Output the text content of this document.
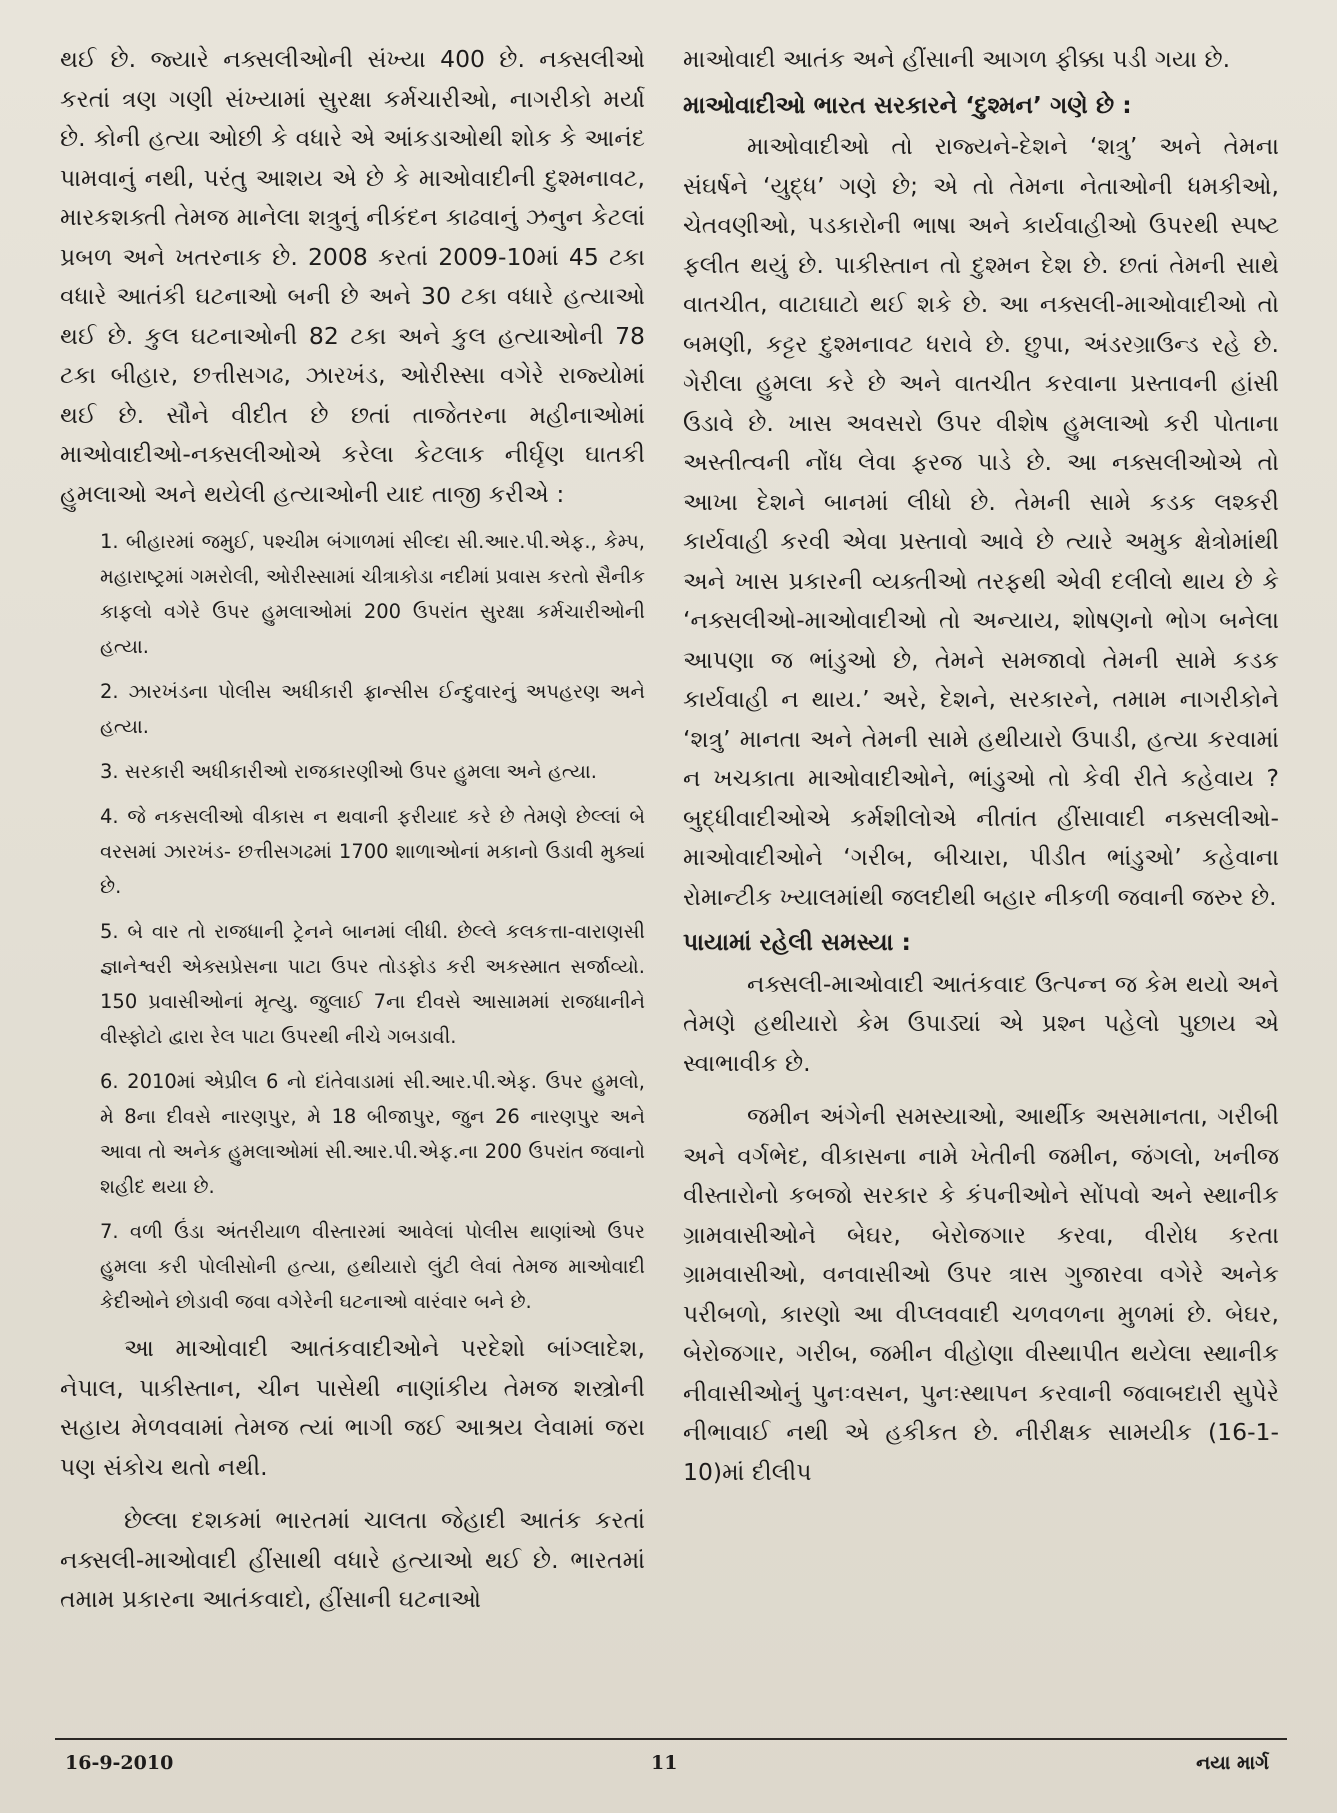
થઈ છે. જ્યારે નક્સલીઓની સંખ્યા 400 છે. નક્સલીઓ કરતાં ત્રણ ગણી સંખ્યામાં સુરક્ષા કર્મચારીઓ, નાગરીકો મર્યા છે. કોની હત્યા ઓછી કે વધારે એ આંકડાઓથી શોક કે આનંદ પામવાનું નથી, પરંતુ આશય એ છે કે માઓવાદીની દુશ્મનાવટ, મારકશક્તી તેમજ માનેલા શત્રુનું નીકંદન કાઢવાનું ઝનુન કેટલાં પ્રબળ અને ખતરનાક છે. 2008 કરતાં 2009-10માં 45 ટકા વધારે આતંકી ઘટનાઓ બની છે અને 30 ટકા વધારે હત્યાઓ થઈ છે. કુલ ઘટનાઓની 82 ટકા અને કુલ હત્યાઓની 78 ટકા બીહાર, છત્તીસગઢ, ઝારખંડ, ઓરીસ્સા વગેરે રાજ્યોમાં થઈ છે. સૌને વીદીત છે છતાં તાજેતરના મહીનાઓમાં માઓવાદીઓ-નક્સલીઓએ કરેલા કેટલાક નીર્ઘૃણ ઘાતકી હુમલાઓ અને થયેલી હત્યાઓની યાદ તાજી કરીએ :

1. બીહારમાં જમુઈ, પશ્ચીમ બંગાળમાં સીલ્દા સી.આર.પી.એફ., કેમ્પ, મહારાષ્ટ્રમાં ગમરોલી, ઓરીસ્સામાં ચીત્રાકોડા નદીમાં પ્રવાસ કરતો સૈનીક કાફલો વગેરે ઉપર હુમલાઓમાં 200 ઉપરાંત સુરક્ષા કર્મચારીઓની હત્યા.
2. ઝારખંડના પોલીસ અધીકારી ફ્રાન્સીસ ઈન્દુવારનું અપહરણ અને હત્યા.
3. સરકારી અધીકારીઓ રાજકારણીઓ ઉપર હુમલા અને હત્યા.
4. જે નકસલીઓ વીકાસ ન થવાની ફરીયાદ કરે છે તેમણે છેલ્લાં બે વરસમાં ઝારખંડ- છત્તીસગઢમાં 1700 શાળાઓનાં મકાનો ઉડાવી મુક્યાં છે.
5. બે વાર તો રાજધાની ટ્રેનને બાનમાં લીધી. છેલ્લે કલકત્તા-વારાણસી જ્ઞાનેશ્વરી એક્સપ્રેસના પાટા ઉપર તોડફોડ કરી અકસ્માત સર્જાવ્યો. 150 પ્રવાસીઓનાં મૃત્યુ. જુલાઈ 7ના દીવસે આસામમાં રાજધાનીને વીસ્ફોટો દ્વારા રેલ પાટા ઉપરથી નીચે ગબડાવી.
6. 2010માં એપ્રીલ 6 નો દાંતેવાડામાં સી.આર.પી.એફ. ઉપર હુમલો, મે 8ના દીવસે નારણપુર, મે 18 બીજાપુર, જુન 26 નારણપુર અને આવા તો અનેક હુમલાઓમાં સી.આર.પી.એફ.ના 200 ઉપરાંત જવાનો શહીદ થયા છે.
7. વળી ઉંડા અંતરીયાળ વીસ્તારમાં આવેલાં પોલીસ થાણાંઓ ઉપર હુમલા કરી પોલીસોની હત્યા, હથીયારો લુંટી લેવાં તેમજ માઓવાદી કેદીઓને છોડાવી જવા વગેરેની ઘટનાઓ વારંવાર બને છે.

આ માઓવાદી આતંકવાદીઓને પરદેશો બાંગ્લાદેશ, નેપાલ, પાકીસ્તાન, ચીન પાસેથી નાણાંકીય તેમજ શસ્ત્રોની સહાય મેળવવામાં તેમજ ત્યાં ભાગી જઈ આશ્રય લેવામાં જરા પણ સંકોચ થતો નથી.

છેલ્લા દશકમાં ભારતમાં ચાલતા જેહાદી આતંક કરતાં નક્સલી-માઓવાદી હીંસાથી વધારે હત્યાઓ થઈ છે. ભારતમાં તમામ પ્રકારના આતંકવાદો, હીંસાની ઘટનાઓ

માઓવાદી આતંક અને હીંસાની આગળ ફીક્કા પડી ગયા છે.

માઓવાદીઓ ભારત સરકારને ‘દુશ્મન’ ગણે છે :

માઓવાદીઓ તો રાજ્યને-દેશને ‘શત્રુ’ અને તેમના સંઘર્ષને ‘યુદ્ધ’ ગણે છે; એ તો તેમના નેતાઓની ધમકીઓ, ચેતવણીઓ, પડકારોની ભાષા અને કાર્યવાહીઓ ઉપરથી સ્પષ્ટ ફલીત થયું છે. પાકીસ્તાન તો દુશ્મન દેશ છે. છતાં તેમની સાથે વાતચીત, વાટાઘાટો થઈ શકે છે. આ નક્સલી-માઓવાદીઓ તો બમણી, કટ્ટર દુશ્મનાવટ ધરાવે છે. છુપા, અંડરગ્રાઉન્ડ રહે છે. ગેરીલા હુમલા કરે છે અને વાતચીત કરવાના પ્રસ્તાવની હાંસી ઉડાવે છે. ખાસ અવસરો ઉપર વીશેષ હુમલાઓ કરી પોતાના અસ્તીત્વની નોંધ લેવા ફરજ પાડે છે. આ નક્સલીઓએ તો આખા દેશને બાનમાં લીધો છે. તેમની સામે કડક લશ્કરી કાર્યવાહી કરવી એવા પ્રસ્તાવો આવે છે ત્યારે અમુક ક્ષેત્રોમાંથી અને ખાસ પ્રકારની વ્યક્તીઓ તરફથી એવી દલીલો થાય છે કે ‘નક્સલીઓ-માઓવાદીઓ તો અન્યાય, શોષણનો ભોગ બનેલા આપણા જ ભાંડુઓ છે, તેમને સમજાવો તેમની સામે કડક કાર્યવાહી ન થાય.’ અરે, દેશને, સરકારને, તમામ નાગરીકોને ‘શત્રુ’ માનતા અને તેમની સામે હથીયારો ઉપાડી, હત્યા કરવામાં ન ખચકાતા માઓવાદીઓને, ભાંડુઓ તો કેવી રીતે કહેવાય ? બુદ્ધીવાદીઓએ કર્મશીલોએ નીતાંત હીંસાવાદી નક્સલીઓ-માઓવાદીઓને ‘ગરીબ, બીચારા, પીડીત ભાંડુઓ’ કહેવાના રોમાન્ટીક ખ્યાલમાંથી જલદીથી બહાર નીકળી જવાની જરુર છે.

પાયામાં રહેલી સમસ્યા :

નક્સલી-માઓવાદી આતંકવાદ ઉત્પન્ન જ કેમ થયો અને તેમણે હથીયારો કેમ ઉપાડ્યાં એ પ્રશ્ન પહેલો પુછાય એ સ્વાભાવીક છે.

જમીન અંગેની સમસ્યાઓ, આર્થીક અસમાનતા, ગરીબી અને વર્ગભેદ, વીકાસના નામે ખેતીની જમીન, જંગલો, ખનીજ વીસ્તારોનો કબજો સરકાર કે કંપનીઓને સોંપવો અને સ્થાનીક ગ્રામવાસીઓને બેઘર, બેરોજગાર કરવા, વીરોધ કરતા ગ્રામવાસીઓ, વનવાસીઓ ઉપર ત્રાસ ગુજારવા વગેરે અનેક પરીબળો, કારણો આ વીપ્લવવાદી ચળવળના મુળમાં છે. બેઘર, બેરોજગાર, ગરીબ, જમીન વીહોણા વીસ્થાપીત થયેલા સ્થાનીક નીવાસીઓનું પુનઃવસન, પુનઃસ્થાપન કરવાની જવાબદારી સુપેરે નીભાવાઈ નથી એ હકીકત છે. નીરીક્ષક સામયીક (16-1-10)માં દીલીપ

16-9-2010	11	નયા માર્ગ
